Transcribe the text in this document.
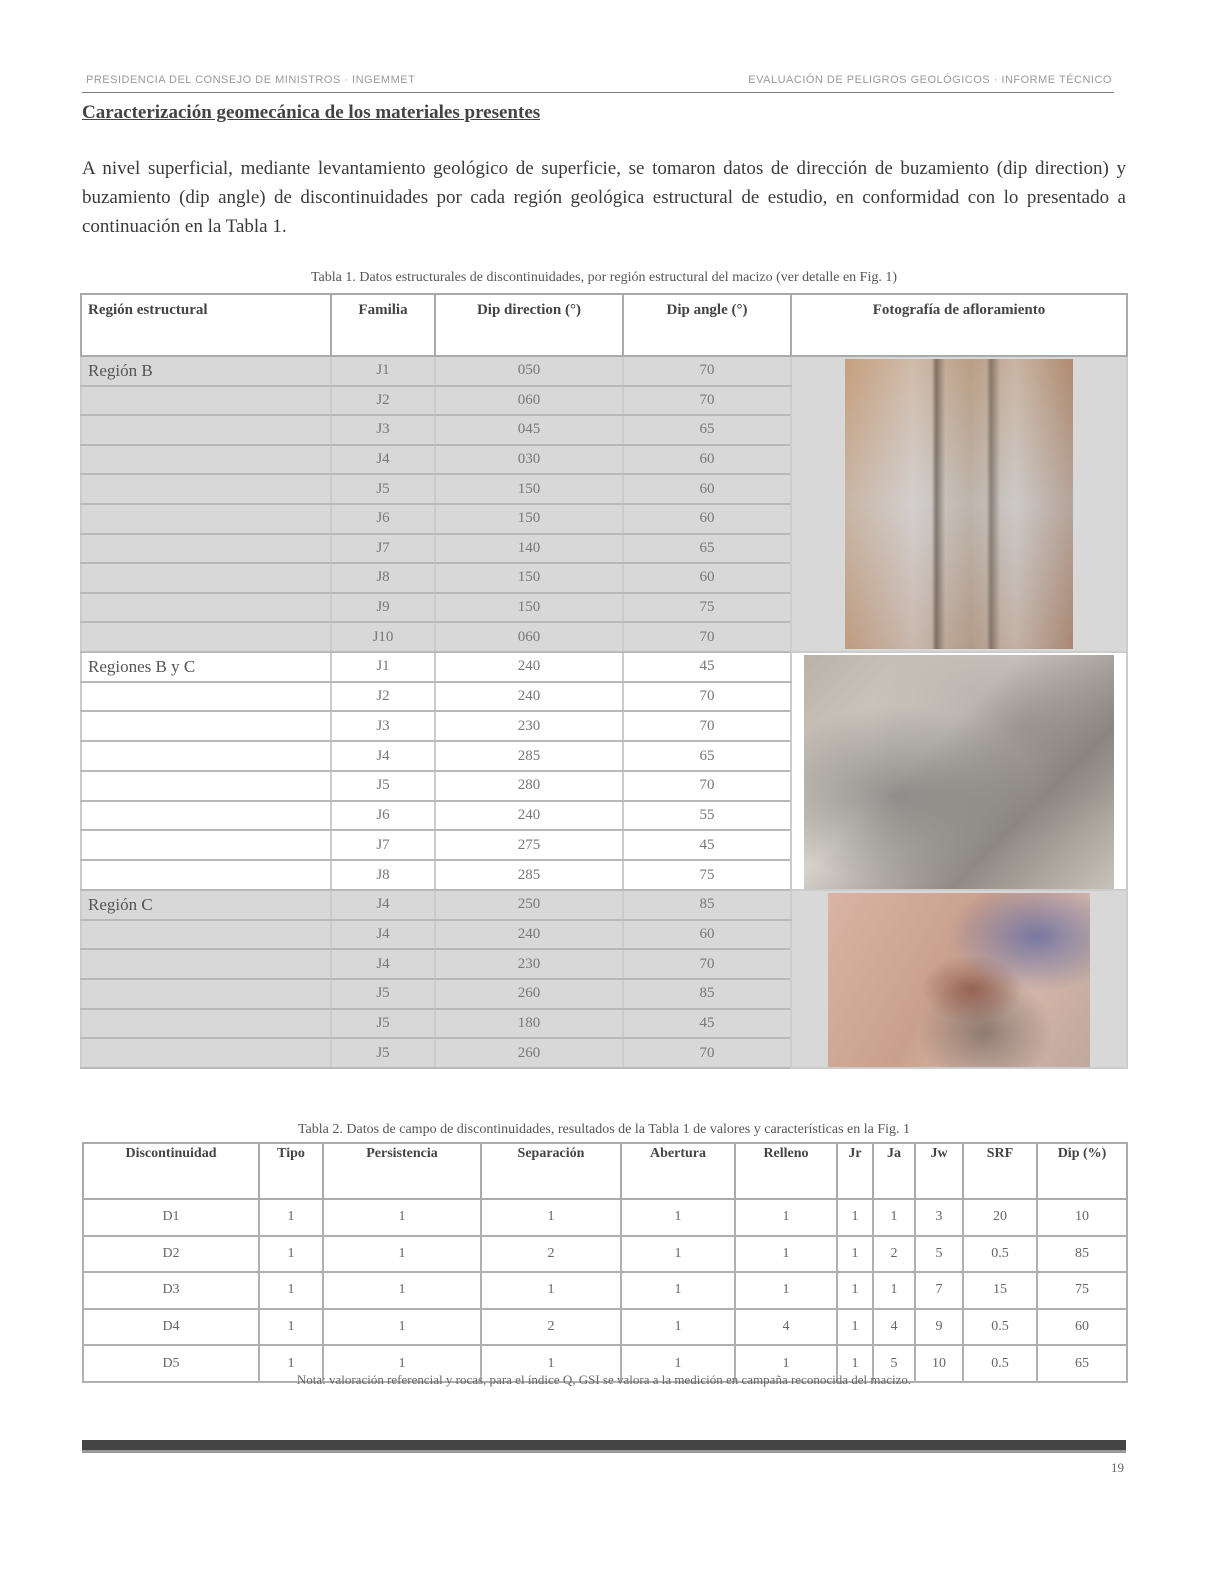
PRESIDENCIA DEL CONSEJO DE MINISTROS · INGEMMET	EVALUACIÓN DE PELIGROS GEOLÓGICOS · INFORME TÉCNICO
Caracterización geomecánica de los materiales presentes
A nivel superficial, mediante levantamiento geológico de superficie, se tomaron datos de dirección de buzamiento (dip direction) y buzamiento (dip angle) de discontinuidades por cada región geológica estructural de estudio, en conformidad con lo presentado a continuación en la Tabla 1.
Tabla 1. Datos estructurales de discontinuidades, por región estructural del macizo (ver detalle en Fig. 1)
Región estructural	Familia	Dip direction (°)	Dip angle (°)	Fotografía de afloramiento
Región B	J1	050	70	

	J2	060	70	
	J3	045	65	
	J4	030	60	
	J5	150	60	
	J6	150	60	
	J7	140	65	
	J8	150	60	
	J9	150	75	
	J10	060	70	
Regiones B y C	J1	240	45	

	J2	240	70	
	J3	230	70	
	J4	285	65	
	J5	280	70	
	J6	240	55	
	J7	275	45	
	J8	285	75	
Región C	J4	250	85	

	J4	240	60	
	J4	230	70	
	J5	260	85	
	J5	180	45	
	J5	260	70	
Tabla 2. Datos de campo de discontinuidades, resultados de la Tabla 1 de valores y características en la Fig. 1
Discontinuidad	Tipo	Persistencia	Separación	Abertura	Relleno	Jr	Ja	Jw	SRF	Dip (%)
D1	1	1	1	1	1	1	1	3	20	10
D2	1	1	2	1	1	1	2	5	0.5	85
D3	1	1	1	1	1	1	1	7	15	75
D4	1	1	2	1	4	1	4	9	0.5	60
D5	1	1	1	1	1	1	5	10	0.5	65
Nota: valoración referencial y rocas, para el índice Q, GSI se valora a la medición en campaña reconocida del macizo.
19
